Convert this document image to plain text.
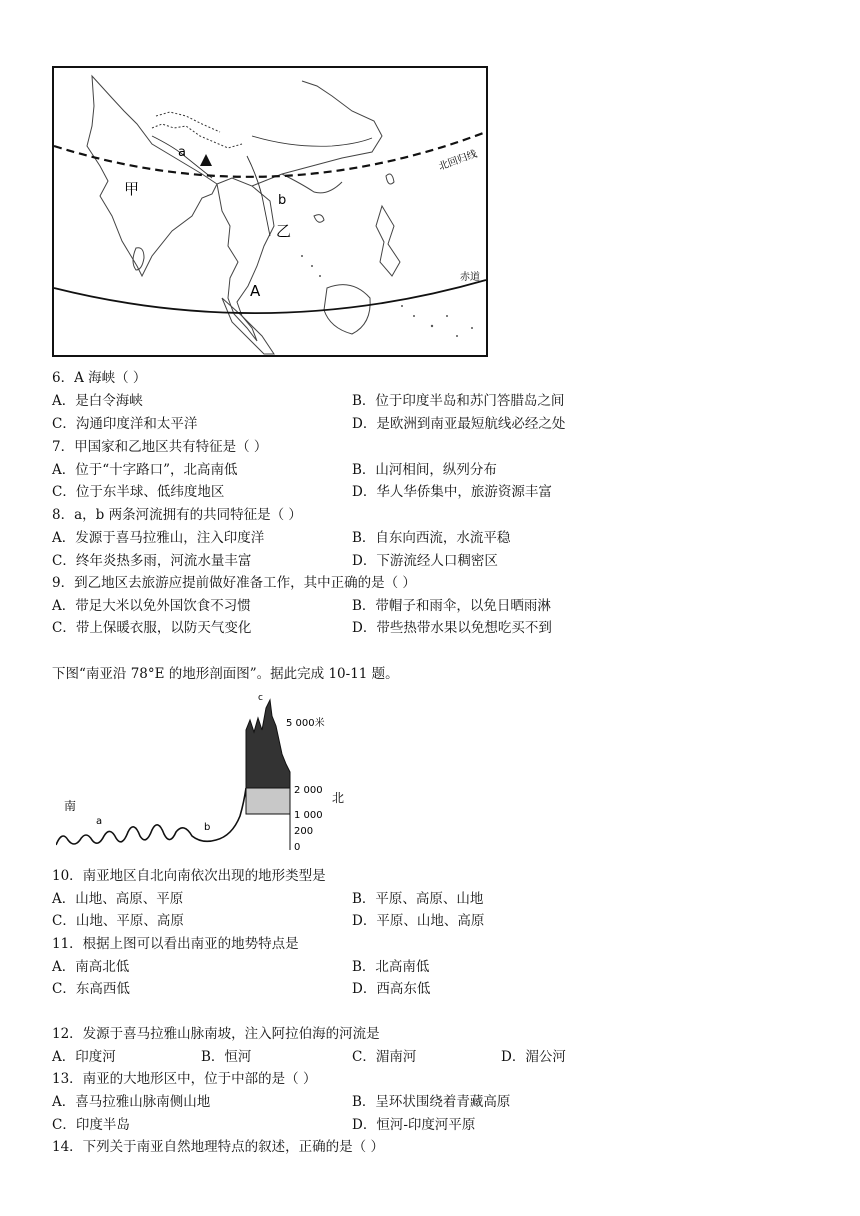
a
甲
b
乙
A
北回归线
赤道
6．A 海峡（ ）
A．是白令海峡	B．位于印度半岛和苏门答腊岛之间
C．沟通印度洋和太平洋	D．是欧洲到南亚最短航线必经之处
7．甲国家和乙地区共有特征是（ ）
A．位于“十字路口”，北高南低	B．山河相间，纵列分布
C．位于东半球、低纬度地区	D．华人华侨集中，旅游资源丰富
8．a，b 两条河流拥有的共同特征是（ ）
A．发源于喜马拉雅山，注入印度洋	B．自东向西流，水流平稳
C．终年炎热多雨，河流水量丰富	D．下游流经人口稠密区
9．到乙地区去旅游应提前做好准备工作，其中正确的是（ ）
A．带足大米以免外国饮食不习惯	B．带帽子和雨伞，以免日晒雨淋
C．带上保暖衣服，以防天气变化	D．带些热带水果以免想吃买不到
下图“南亚沿 78°E 的地形剖面图”。据此完成 10-11 题。
c
5 000米
2 000
1 000
200
0
南
北
a
b
10．南亚地区自北向南依次出现的地形类型是
A．山地、高原、平原	B．平原、高原、山地
C．山地、平原、高原	D．平原、山地、高原
11．根据上图可以看出南亚的地势特点是
A．南高北低	B．北高南低
C．东高西低	D．西高东低
12．发源于喜马拉雅山脉南坡，注入阿拉伯海的河流是
A．印度河	B．恒河	C．湄南河	D．湄公河
13．南亚的大地形区中，位于中部的是（ ）
A．喜马拉雅山脉南侧山地	B．呈环状围绕着青藏高原
C．印度半岛	D．恒河-印度河平原
14．下列关于南亚自然地理特点的叙述，正确的是（ ）
